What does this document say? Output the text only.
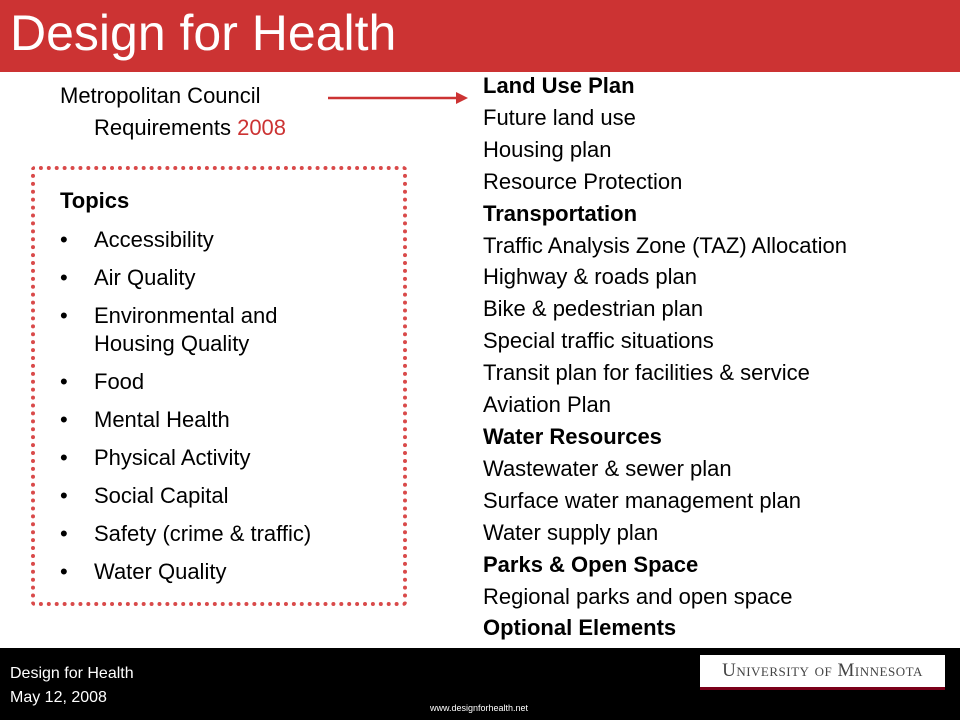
Design for Health
Metropolitan Council
Requirements 2008
Topics
• Accessibility
• Air Quality
• Environmental and Housing Quality
• Food
• Mental Health
• Physical Activity
• Social Capital
• Safety (crime & traffic)
• Water Quality
Land Use Plan
Future land use
Housing plan
Resource Protection
Transportation
Traffic Analysis Zone (TAZ) Allocation
Highway & roads plan
Bike & pedestrian plan
Special traffic situations
Transit plan for facilities & service
Aviation Plan
Water Resources
Wastewater & sewer plan
Surface water management plan
Water supply plan
Parks & Open Space
Regional parks and open space
Optional Elements
Design for Health
May 12, 2008
www.designforhealth.net
University of Minnesota
